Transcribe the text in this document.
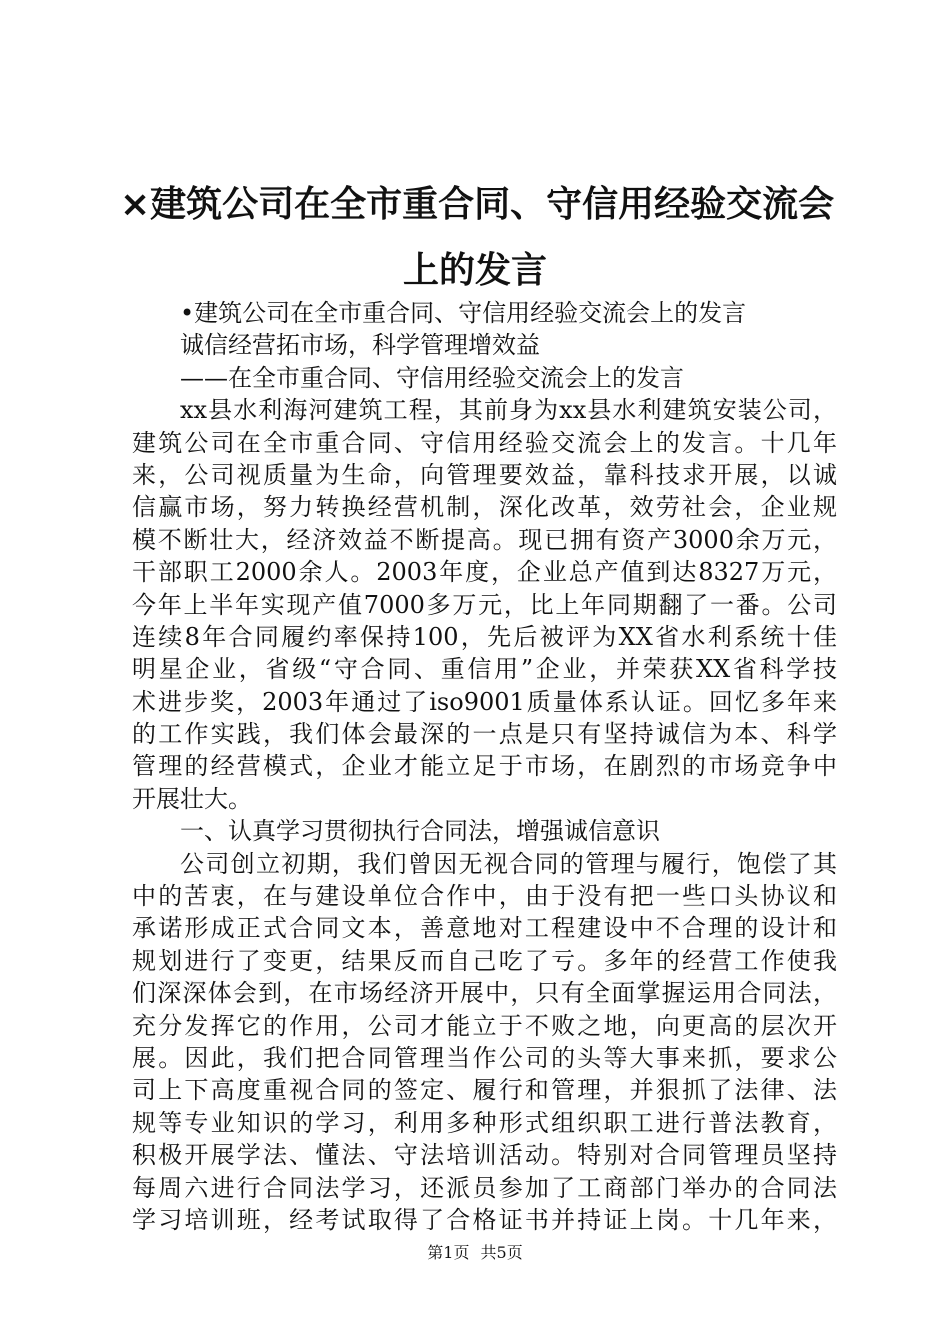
×建筑公司在全市重合同、守信用经验交流会
上的发言
•建筑公司在全市重合同、守信用经验交流会上的发言
诚信经营拓市场，科学管理增效益
——在全市重合同、守信用经验交流会上的发言
xx县水利海河建筑工程，其前身为xx县水利建筑安装公司，
建筑公司在全市重合同、守信用经验交流会上的发言。十几年
来，公司视质量为生命，向管理要效益，靠科技求开展，以诚
信赢市场，努力转换经营机制，深化改革，效劳社会，企业规
模不断壮大，经济效益不断提高。现已拥有资产3000余万元，
干部职工2000余人。2003年度，企业总产值到达8327万元，
今年上半年实现产值7000多万元，比上年同期翻了一番。公司
连续8年合同履约率保持100，先后被评为XX省水利系统十佳
明星企业，省级“守合同、重信用”企业，并荣获XX省科学技
术进步奖，2003年通过了iso9001质量体系认证。回忆多年来
的工作实践，我们体会最深的一点是只有坚持诚信为本、科学
管理的经营模式，企业才能立足于市场，在剧烈的市场竞争中
开展壮大。
一、认真学习贯彻执行合同法，增强诚信意识
公司创立初期，我们曾因无视合同的管理与履行，饱偿了其
中的苦衷，在与建设单位合作中，由于没有把一些口头协议和
承诺形成正式合同文本，善意地对工程建设中不合理的设计和
规划进行了变更，结果反而自己吃了亏。多年的经营工作使我
们深深体会到，在市场经济开展中，只有全面掌握运用合同法，
充分发挥它的作用，公司才能立于不败之地，向更高的层次开
展。因此，我们把合同管理当作公司的头等大事来抓，要求公
司上下高度重视合同的签定、履行和管理，并狠抓了法律、法
规等专业知识的学习，利用多种形式组织职工进行普法教育，
积极开展学法、懂法、守法培训活动。特别对合同管理员坚持
每周六进行合同法学习，还派员参加了工商部门举办的合同法
学习培训班，经考试取得了合格证书并持证上岗。十几年来，
第1页 共5页
